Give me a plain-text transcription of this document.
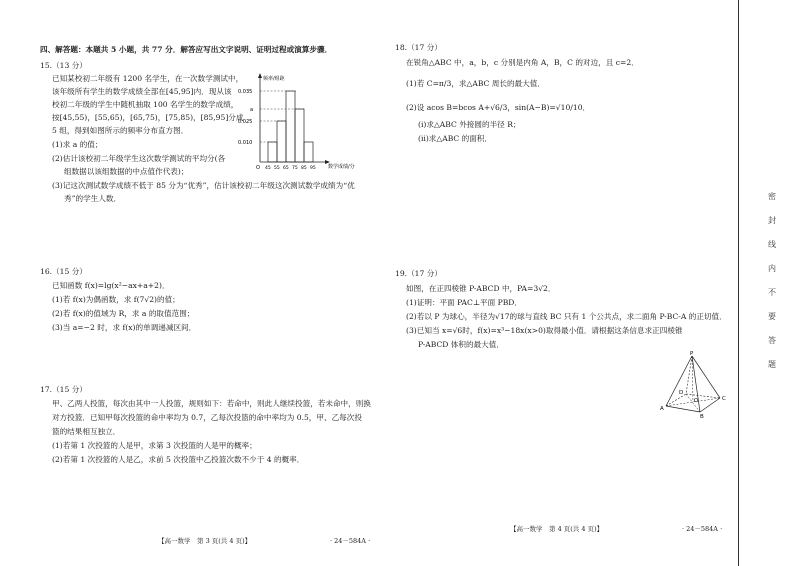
四、解答题：本题共 5 小题，共 77 分．解答应写出文字说明、证明过程或演算步骤．
15.（13 分）
已知某校初二年级有 1200 名学生，在一次数学测试中，
该年级所有学生的数学成绩全部在[45,95]内．现从该
校初二年级的学生中随机抽取 100 名学生的数学成绩，
按[45,55)，[55,65)，[65,75)，[75,85)，[85,95]分成
5 组，得到如图所示的频率分布直方图．
(1)求 a 的值；
(2)估计该校初二年级学生这次数学测试的平均分(各
组数据以该组数据的中点值作代表)；
(3)记这次测试数学成绩不低于 85 分为“优秀”，估计该校初二年级这次测试数学成绩为“优
秀”的学生人数．
频率/组距
数学成绩/分
0.035
a
0.025
0.010
O 45 55 65 75 85 95
16.（15 分）
已知函数 f(x)=lg(x²−ax+a+2)．
(1)若 f(x)为偶函数，求 f(7√2)的值；
(2)若 f(x)的值域为 R，求 a 的取值范围；
(3)当 a=−2 时，求 f(x)的单调递减区间．
17.（15 分）
甲、乙两人投篮，每次由其中一人投篮，规则如下：若命中，则此人继续投篮，若未命中，则换
对方投篮．已知甲每次投篮的命中率均为 0.7，乙每次投篮的命中率均为 0.5，甲、乙每次投
篮的结果相互独立．
(1)若第 1 次投篮的人是甲，求第 3 次投篮的人是甲的概率；
(2)若第 1 次投篮的人是乙，求前 5 次投篮中乙投篮次数不少于 4 的概率．
【高一数学　第 3 页(共 4 页)】	· 24－584A ·
18.（17 分）
在锐角△ABC 中，a，b，c 分别是内角 A，B，C 的对边，且 c=2．
(1)若 C=π/3，求△ABC 周长的最大值．
(2)设 acos B=bcos A+√6/3，sin(A−B)=√10/10．
(ⅰ)求△ABC 外接圆的半径 R；
(ⅱ)求△ABC 的面积．
19.（17 分）
如图，在正四棱锥 P-ABCD 中，PA=3√2．
(1)证明：平面 PAC⊥平面 PBD．
(2)若以 P 为球心，半径为√17的球与直线 BC 只有 1 个公共点，求二面角 P-BC-A 的正切值．
(3)已知当 x=√6时，f(x)=x³−18x(x>0)取得最小值．请根据这条信息求正四棱锥
P-ABCD 体积的最大值．
P
A
B
C
D
O
【高一数学　第 4 页(共 4 页)】	· 24－584A ·
密
封
线
内
不
要
答
题
